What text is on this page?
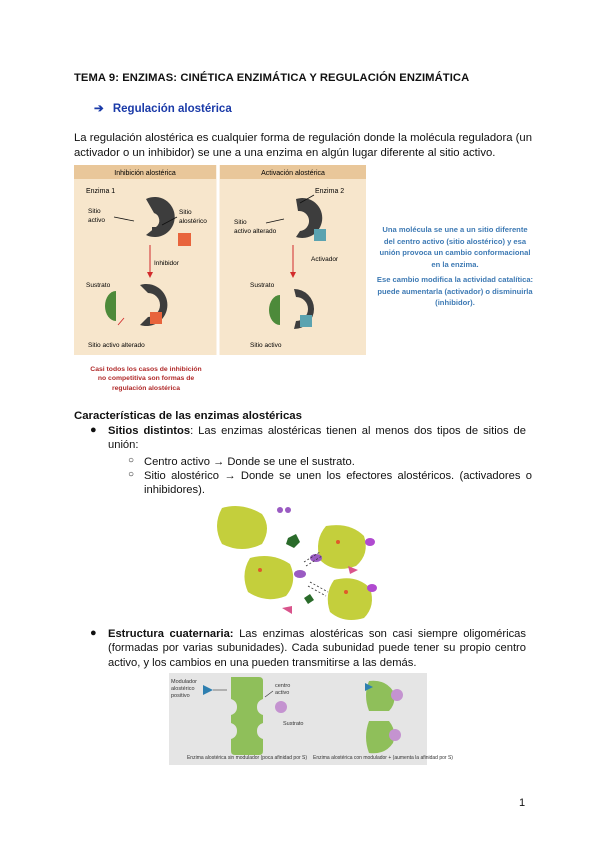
TEMA 9: ENZIMAS: CINÉTICA ENZIMÁTICA Y REGULACIÓN ENZIMÁTICA
➔ Regulación alostérica
La regulación alostérica es cualquier forma de regulación donde la molécula reguladora (un activador o un inhibidor) se une a una enzima en algún lugar diferente al sitio activo.
Inhibición alostérica	Activación alostérica
Enzima 1
Sitio
activo
Sitio
alostérico
Inhibidor
Sustrato
Sitio activo alterado
Enzima 2
Sitio
activo alterado
Activador
Sustrato
Sitio activo

Una molécula se une a un sitio diferente del centro activo (sitio alostérico) y esa unión provoca un cambio conformacional en la enzima.

Ese cambio modifica la actividad catalítica: puede aumentarla (activador) o disminuirla (inhibidor).

Casi todos los casos de inhibición no competitiva son formas de regulación alostérica
Características de las enzimas alostéricas
● Sitios distintos: Las enzimas alostéricas tienen al menos dos tipos de sitios de unión:
○ Centro activo → Donde se une el sustrato.
○ Sitio alostérico → Donde se unen los efectores alostéricos. (activadores o inhibidores).
● Estructura cuaternaria: Las enzimas alostéricas son casi siempre oligoméricas (formadas por varias subunidades). Cada subunidad puede tener su propio centro activo, y los cambios en una pueden transmitirse a las demás.
Modulador alostérico positivo
centro activo
Sustrato
Enzima alostérica sin modulador (poca afinidad por S) Enzima alostérica con modulador + (aumenta la afinidad por S)
1
